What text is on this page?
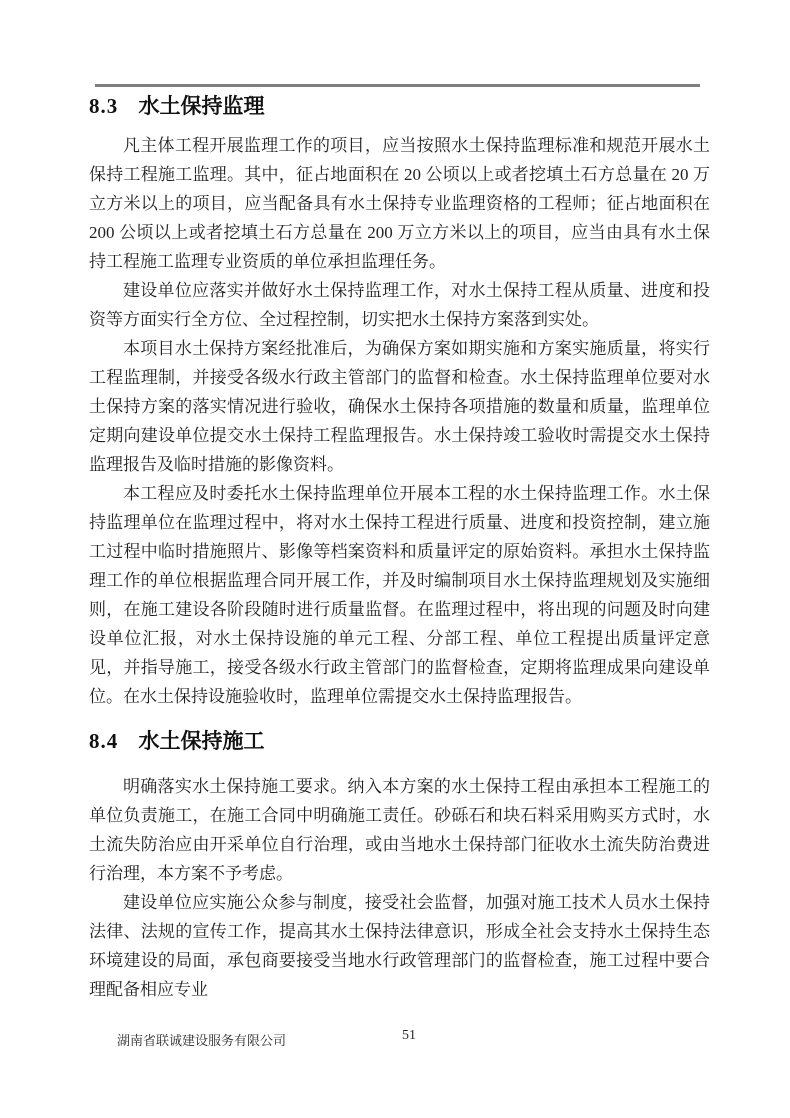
8.3 水土保持监理

凡主体工程开展监理工作的项目，应当按照水土保持监理标准和规范开展水土保持工程施工监理。其中，征占地面积在 20 公顷以上或者挖填土石方总量在 20 万立方米以上的项目，应当配备具有水土保持专业监理资格的工程师；征占地面积在 200 公顷以上或者挖填土石方总量在 200 万立方米以上的项目，应当由具有水土保持工程施工监理专业资质的单位承担监理任务。

建设单位应落实并做好水土保持监理工作，对水土保持工程从质量、进度和投资等方面实行全方位、全过程控制，切实把水土保持方案落到实处。

本项目水土保持方案经批准后，为确保方案如期实施和方案实施质量，将实行工程监理制，并接受各级水行政主管部门的监督和检查。水土保持监理单位要对水土保持方案的落实情况进行验收，确保水土保持各项措施的数量和质量，监理单位定期向建设单位提交水土保持工程监理报告。水土保持竣工验收时需提交水土保持监理报告及临时措施的影像资料。

本工程应及时委托水土保持监理单位开展本工程的水土保持监理工作。水土保持监理单位在监理过程中，将对水土保持工程进行质量、进度和投资控制，建立施工过程中临时措施照片、影像等档案资料和质量评定的原始资料。承担水土保持监理工作的单位根据监理合同开展工作，并及时编制项目水土保持监理规划及实施细则，在施工建设各阶段随时进行质量监督。在监理过程中，将出现的问题及时向建设单位汇报，对水土保持设施的单元工程、分部工程、单位工程提出质量评定意见，并指导施工，接受各级水行政主管部门的监督检查，定期将监理成果向建设单位。在水土保持设施验收时，监理单位需提交水土保持监理报告。

8.4 水土保持施工

明确落实水土保持施工要求。纳入本方案的水土保持工程由承担本工程施工的单位负责施工，在施工合同中明确施工责任。砂砾石和块石料采用购买方式时，水土流失防治应由开采单位自行治理，或由当地水土保持部门征收水土流失防治费进行治理，本方案不予考虑。

建设单位应实施公众参与制度，接受社会监督，加强对施工技术人员水土保持法律、法规的宣传工作，提高其水土保持法律意识，形成全社会支持水土保持生态环境建设的局面，承包商要接受当地水行政管理部门的监督检查，施工过程中要合理配备相应专业

湖南省联诚建设服务有限公司	51
